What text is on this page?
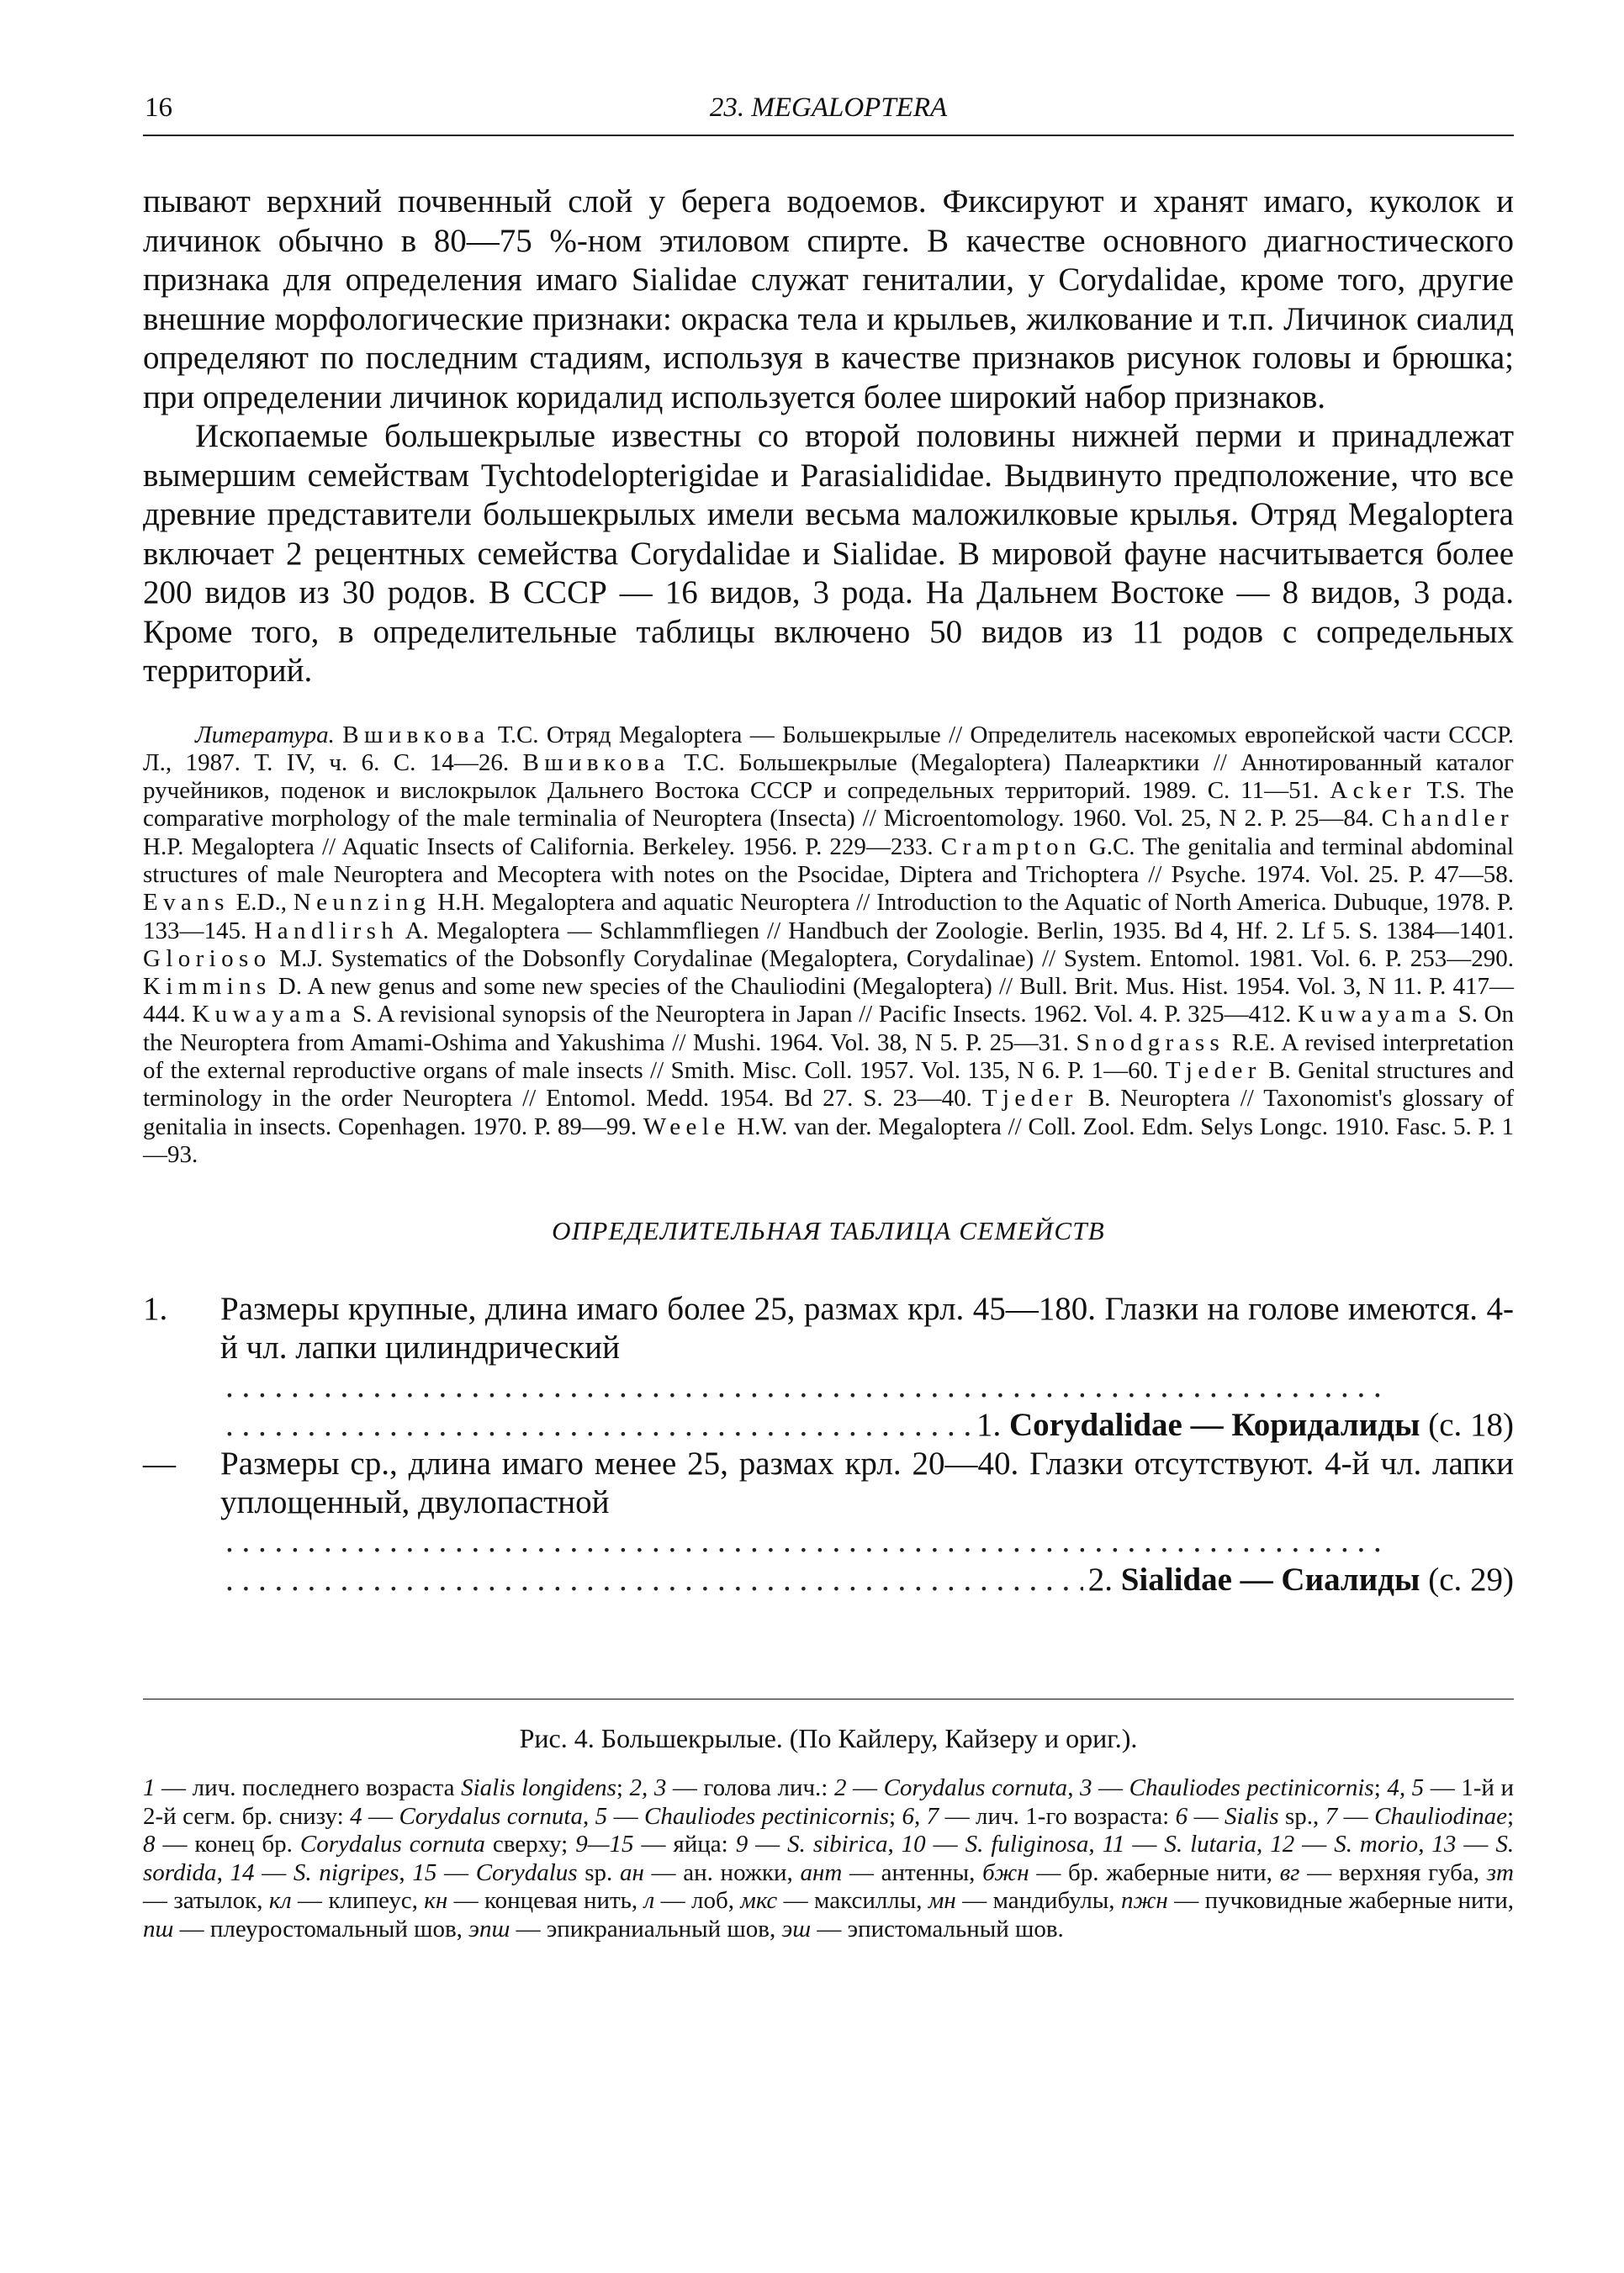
16	23. MEGALOPTERA

пывают верхний почвенный слой у берега водоемов. Фиксируют и хранят имаго, куколок и личинок обычно в 80—75 %-ном этиловом спирте. В качестве основного диагностического признака для определения имаго Sialidae служат гениталии, у Corydalidae, кроме того, другие внешние морфологические признаки: окраска тела и крыльев, жилкование и т.п. Личинок сиалид определяют по последним стадиям, используя в качестве признаков рисунок головы и брюшка; при определении личинок коридалид используется более широкий набор признаков.

Ископаемые большекрылые известны со второй половины нижней перми и принадлежат вымершим семействам Tychtodelopterigidae и Parasialididae. Выдвинуто предположение, что все древние представители большекрылых имели весьма маложилковые крылья. Отряд Megaloptera включает 2 рецентных семейства Corydalidae и Sialidae. В мировой фауне насчитывается более 200 видов из 30 родов. В СССР — 16 видов, 3 рода. На Дальнем Востоке — 8 видов, 3 рода. Кроме того, в определительные таблицы включено 50 видов из 11 родов с сопредельных территорий.

Литература. Вшивкова Т.С. Отряд Megaloptera — Большекрылые // Определитель насекомых европейской части СССР. Л., 1987. Т. IV, ч. 6. С. 14—26. Вшивкова Т.С. Большекрылые (Megaloptera) Палеарктики // Аннотированный каталог ручейников, поденок и вислокрылок Дальнего Востока СССР и сопредельных территорий. 1989. С. 11—51. Acker T.S. The comparative morphology of the male terminalia of Neuroptera (Insecta) // Microentomology. 1960. Vol. 25, N 2. P. 25—84. Chandler H.P. Megaloptera // Aquatic Insects of California. Berkeley. 1956. P. 229—233. Crampton G.C. The genitalia and terminal abdominal structures of male Neuroptera and Mecoptera with notes on the Psocidae, Diptera and Trichoptera // Psyche. 1974. Vol. 25. P. 47—58. Evans E.D., Neunzing H.H. Megaloptera and aquatic Neuroptera // Introduction to the Aquatic of North America. Dubuque, 1978. P. 133—145. Handlirsh A. Megaloptera — Schlammfliegen // Handbuch der Zoologie. Berlin, 1935. Bd 4, Hf. 2. Lf 5. S. 1384—1401. Glorioso M.J. Systematics of the Dobsonfly Corydalinae (Megaloptera, Corydalinae) // System. Entomol. 1981. Vol. 6. P. 253—290. Kimmins D. A new genus and some new species of the Chauliodini (Megaloptera) // Bull. Brit. Mus. Hist. 1954. Vol. 3, N 11. P. 417—444. Kuwayama S. A revisional synopsis of the Neuroptera in Japan // Pacific Insects. 1962. Vol. 4. P. 325—412. Kuwayama S. On the Neuroptera from Amami-Oshima and Yakushima // Mushi. 1964. Vol. 38, N 5. P. 25—31. Snodgrass R.E. A revised interpretation of the external reproductive organs of male insects // Smith. Misc. Coll. 1957. Vol. 135, N 6. P. 1—60. Tjeder B. Genital structures and terminology in the order Neuroptera // Entomol. Medd. 1954. Bd 27. S. 23—40. Tjeder B. Neuroptera // Taxonomist's glossary of genitalia in insects. Copenhagen. 1970. P. 89—99. Weele H.W. van der. Megaloptera // Coll. Zool. Edm. Selys Longc. 1910. Fasc. 5. P. 1—93.
ОПРЕДЕЛИТЕЛЬНАЯ ТАБЛИЦА СЕМЕЙСТВ
1.	Размеры крупные, длина имаго более 25, размах крл. 45—180. Глазки на голове имеются. 4-й чл. лапки цилиндрический
. . .
. . .
1. Corydalidae — Коридалиды (с. 18)
—	Размеры ср., длина имаго менее 25, размах крл. 20—40. Глазки отсутствуют. 4-й чл. лапки уплощенный, двулопастной
. . .
. . .
2. Sialidae — Сиалиды (с. 29)
Рис. 4. Большекрылые. (По Кайлеру, Кайзеру и ориг.).
1 — лич. последнего возраста Sialis longidens; 2, 3 — голова лич.: 2 — Corydalus cornuta, 3 — Chauliodes pectinicornis; 4, 5 — 1-й и 2-й сегм. бр. снизу: 4 — Corydalus cornuta, 5 — Chauliodes pectinicornis; 6, 7 — лич. 1-го возраста: 6 — Sialis sp., 7 — Chauliodinae; 8 — конец бр. Corydalus cornuta сверху; 9—15 — яйца: 9 — S. sibirica, 10 — S. fuliginosa, 11 — S. lutaria, 12 — S. morio, 13 — S. sordida, 14 — S. nigripes, 15 — Corydalus sp. ан — ан. ножки, ант — антенны, бжн — бр. жаберные нити, вг — верхняя губа, зт — затылок, кл — клипеус, кн — концевая нить, л — лоб, мкс — максиллы, мн — мандибулы, пжн — пучковидные жаберные нити, пш — плеуростомальный шов, эпш — эпикраниальный шов, эш — эпистомальный шов.
